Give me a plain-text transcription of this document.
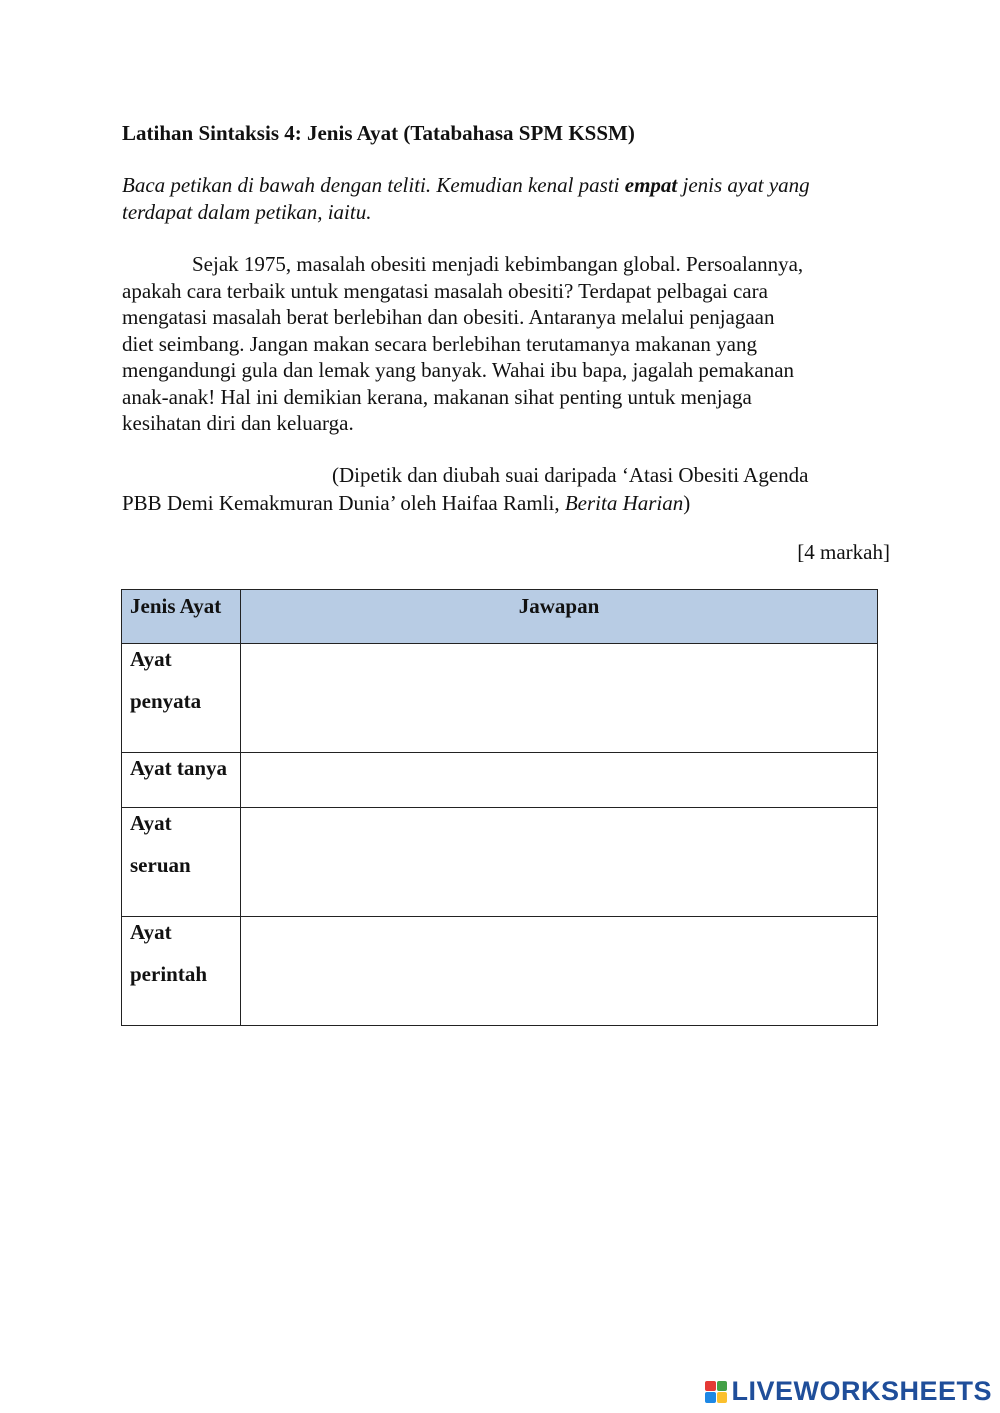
Latihan Sintaksis 4: Jenis Ayat (Tatabahasa SPM KSSM)
Baca petikan di bawah dengan teliti. Kemudian kenal pasti empat jenis ayat yang
terdapat dalam petikan, iaitu.
Sejak 1975, masalah obesiti menjadi kebimbangan global. Persoalannya,
apakah cara terbaik untuk mengatasi masalah obesiti? Terdapat pelbagai cara
mengatasi masalah berat berlebihan dan obesiti. Antaranya melalui penjagaan
diet seimbang. Jangan makan secara berlebihan terutamanya makanan yang
mengandungi gula dan lemak yang banyak. Wahai ibu bapa, jagalah pemakanan
anak-anak! Hal ini demikian kerana, makanan sihat penting untuk menjaga
kesihatan diri dan keluarga.
(Dipetik dan diubah suai daripada ‘Atasi Obesiti Agenda
PBB Demi Kemakmuran Dunia’ oleh Haifaa Ramli, Berita Harian)
[4 markah]
Jenis Ayat	Jawapan

Ayat
penyata	

Ayat tanya	

Ayat
seruan	

Ayat
perintah	

LIVEWORKSHEETS
